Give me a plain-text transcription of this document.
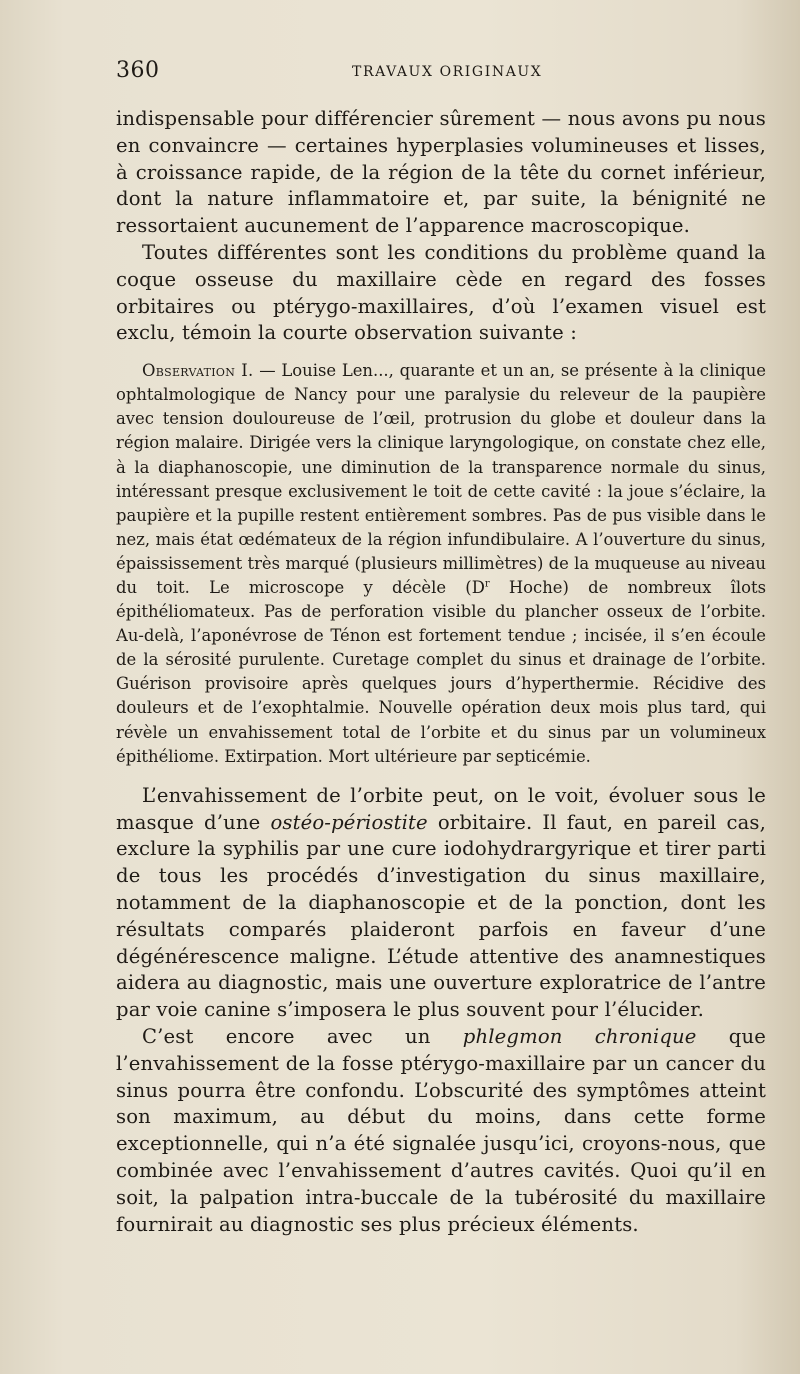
360	TRAVAUX ORIGINAUX

indispensable pour différencier sûrement — nous avons pu nous en convaincre — certaines hyperplasies volumineuses et lisses, à croissance rapide, de la région de la tête du cornet inférieur, dont la nature inflammatoire et, par suite, la bénignité ne ressortaient aucunement de l’apparence macroscopique.

Toutes différentes sont les conditions du problème quand la coque osseuse du maxillaire cède en regard des fosses orbitaires ou ptérygo-maxillaires, d’où l’examen visuel est exclu, témoin la courte observation suivante :

Observation I. — Louise Len..., quarante et un an, se présente à la clinique ophtalmologique de Nancy pour une paralysie du releveur de la paupière avec tension douloureuse de l’œil, protrusion du globe et douleur dans la région malaire. Dirigée vers la clinique laryngologique, on constate chez elle, à la diaphanoscopie, une diminution de la transparence normale du sinus, intéressant presque exclusivement le toit de cette cavité : la joue s’éclaire, la paupière et la pupille restent entièrement sombres. Pas de pus visible dans le nez, mais état œdémateux de la région infundibulaire. A l’ouverture du sinus, épaississement très marqué (plusieurs millimètres) de la muqueuse au niveau du toit. Le microscope y décèle ($D^r$ Hoche) de nombreux îlots épithéliomateux. Pas de perforation visible du plancher osseux de l’orbite. Au-delà, l’aponévrose de Ténon est fortement tendue ; incisée, il s’en écoule de la sérosité purulente. Curetage complet du sinus et drainage de l’orbite. Guérison provisoire après quelques jours d’hyperthermie. Récidive des douleurs et de l’exophtalmie. Nouvelle opération deux mois plus tard, qui révèle un envahissement total de l’orbite et du sinus par un volumineux épithéliome. Extirpation. Mort ultérieure par septicémie.

L’envahissement de l’orbite peut, on le voit, évoluer sous le masque d’une ostéo-périostite orbitaire. Il faut, en pareil cas, exclure la syphilis par une cure iodohydrargyrique et tirer parti de tous les procédés d’investigation du sinus maxillaire, notamment de la diaphanoscopie et de la ponction, dont les résultats comparés plaideront parfois en faveur d’une dégénérescence maligne. L’étude attentive des anamnestiques aidera au diagnostic, mais une ouverture exploratrice de l’antre par voie canine s’imposera le plus souvent pour l’élucider.

C’est encore avec un phlegmon chronique que l’envahissement de la fosse ptérygo-maxillaire par un cancer du sinus pourra être confondu. L’obscurité des symptômes atteint son maximum, au début du moins, dans cette forme exceptionnelle, qui n’a été signalée jusqu’ici, croyons-nous, que combinée avec l’envahissement d’autres cavités. Quoi qu’il en soit, la palpation intra-buccale de la tubérosité du maxillaire fournirait au diagnostic ses plus précieux éléments.
